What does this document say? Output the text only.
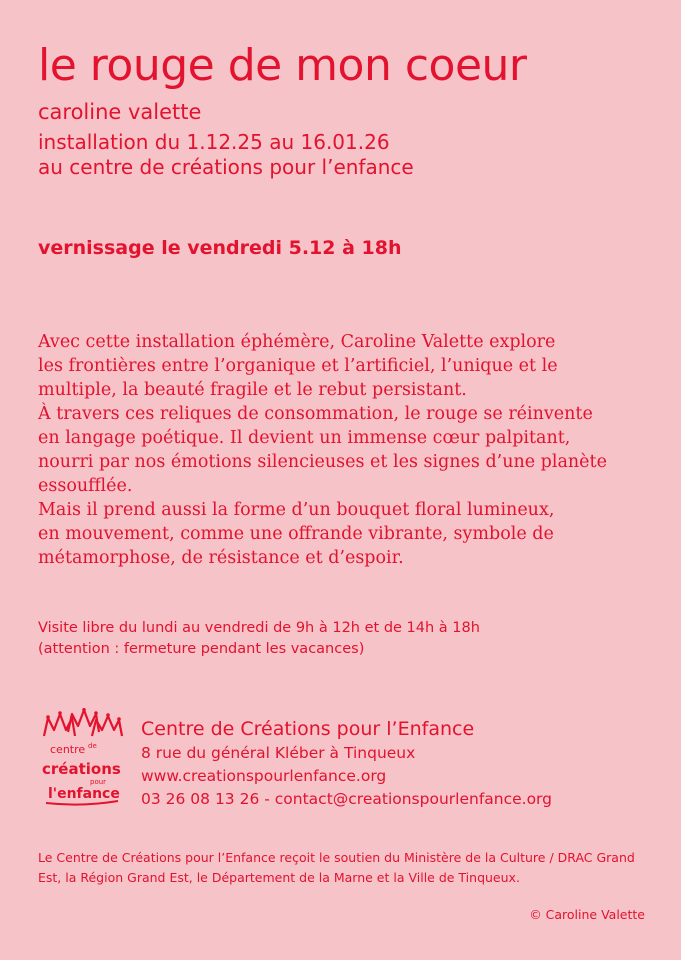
le rouge de mon coeur

caroline valette

installation du 1.12.25 au 16.01.26

au centre de créations pour l’enfance

vernissage le vendredi 5.12 à 18h

Avec cette installation éphémère, Caroline Valette explore

les frontières entre l’organique et l’artificiel, l’unique et le

multiple, la beauté fragile et le rebut persistant.

À travers ces reliques de consommation, le rouge se réinvente

en langage poétique. Il devient un immense cœur palpitant,

nourri par nos émotions silencieuses et les signes d’une planète

essoufflée.

Mais il prend aussi la forme d’un bouquet floral lumineux,

en mouvement, comme une offrande vibrante, symbole de

métamorphose, de résistance et d’espoir.

Visite libre du lundi au vendredi de 9h à 12h et de 14h à 18h

(attention : fermeture pendant les vacances)

centre de
créations
pour
l'enfance

Centre de Créations pour l’Enfance

8 rue du général Kléber à Tinqueux

www.creationspourlenfance.org

03 26 08 13 26 - contact@creationspourlenfance.org

Le Centre de Créations pour l’Enfance reçoit le soutien du Ministère de la Culture / DRAC Grand Est, la Région Grand Est, le Département de la Marne et la Ville de Tinqueux.

© Caroline Valette
